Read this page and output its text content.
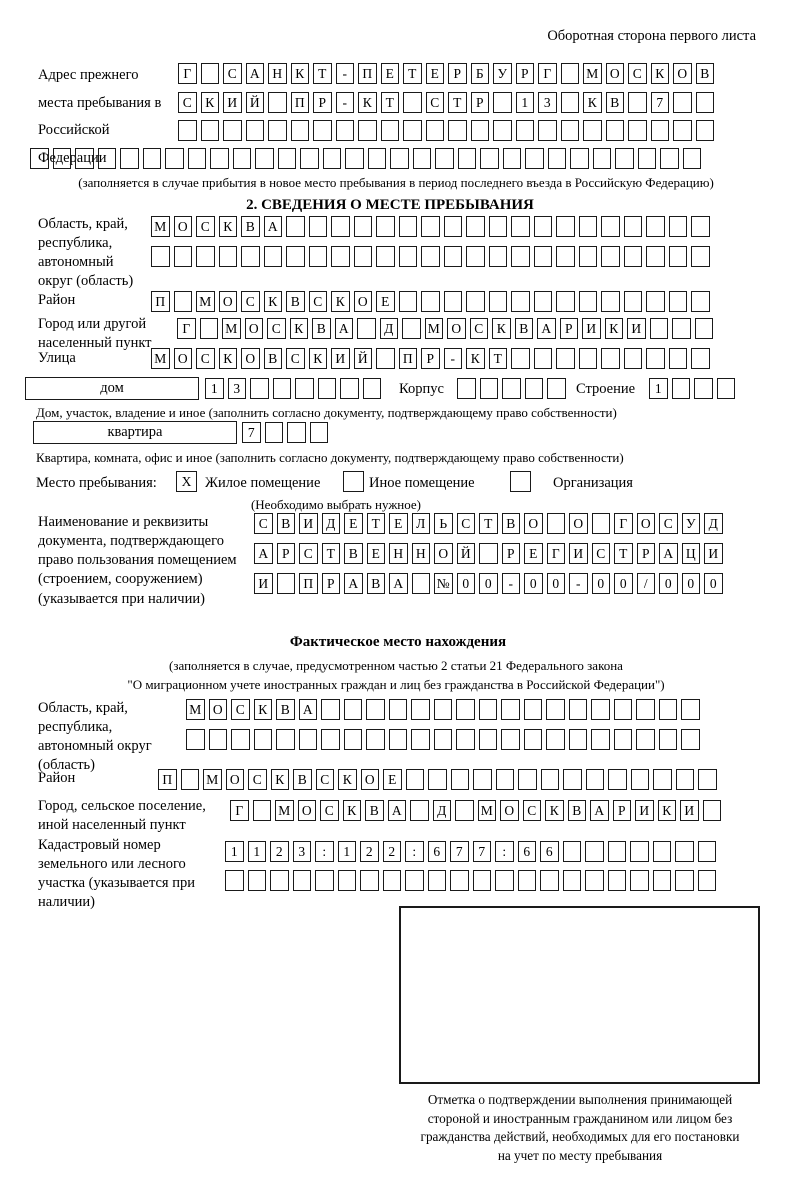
Оборотная сторона первого листа
Адрес прежнего места пребывания в Российской Федерации
Г	С А Н К	Т	-	П	Е	Т	Е	Р	Б	У	Р	Г	М О С К О В
С К И Й	П	Р	-	К	Т	С	Т	Р	1	3	К В	7
(заполняется в случае прибытия в новое место пребывания в период последнего въезда в Российскую Федерацию)
2. СВЕДЕНИЯ О МЕСТЕ ПРЕБЫВАНИЯ
Область, край, республика, автономный округ (область)
М О С К В А
Район	П	М О С К В С К О	Е
Город или другой населенный пункт
Г	М О С К В А	Д	М О С К В А	Р	И К И
Улица	М О С К О В С К И Й	П	Р	-	К	Т
дом	1	3	Корпус	Строение	1
Дом, участок, владение и иное (заполнить согласно документу, подтверждающему право собственности)
квартира	7
Квартира, комната, офис и иное (заполнить согласно документу, подтверждающему право собственности)
Место пребывания:	X Жилое помещение	Иное помещение	Организация
(Необходимо выбрать нужное)
Наименование и реквизиты документа, подтверждающего право пользования помещением (строением, сооружением) (указывается при наличии)
С В И Д	Е	Т	Е	Л	Ь	С	Т	В О	О	Г	О С У Д
А	Р	С	Т	В	Е	Н Н О Й	Р	Е	Г	И С	Т	Р	А Ц И
И	П	Р	А В А	№ 0	0	-	0	0	-	0	0	/	0	0	0
Фактическое место нахождения
(заполняется в случае, предусмотренном частью 2 статьи 21 Федерального закона
"О миграционном учете иностранных граждан и лиц без гражданства в Российской Федерации")
Область, край, республика, автономный округ (область)
М О С К В А
Район	П	М О С К В С К О	Е
Город, сельское поселение, иной населенный пункт
Г	М О С К В А	Д	М О С К В А	Р	И К И
Кадастровый номер земельного или лесного участка (указывается при наличии)
1	1	2	3	:	1	2	2	:	6	7	7	:	6	6
Отметка о подтверждении выполнения принимающей
стороной и иностранным гражданином или лицом без
гражданства действий, необходимых для его постановки
на учет по месту пребывания
